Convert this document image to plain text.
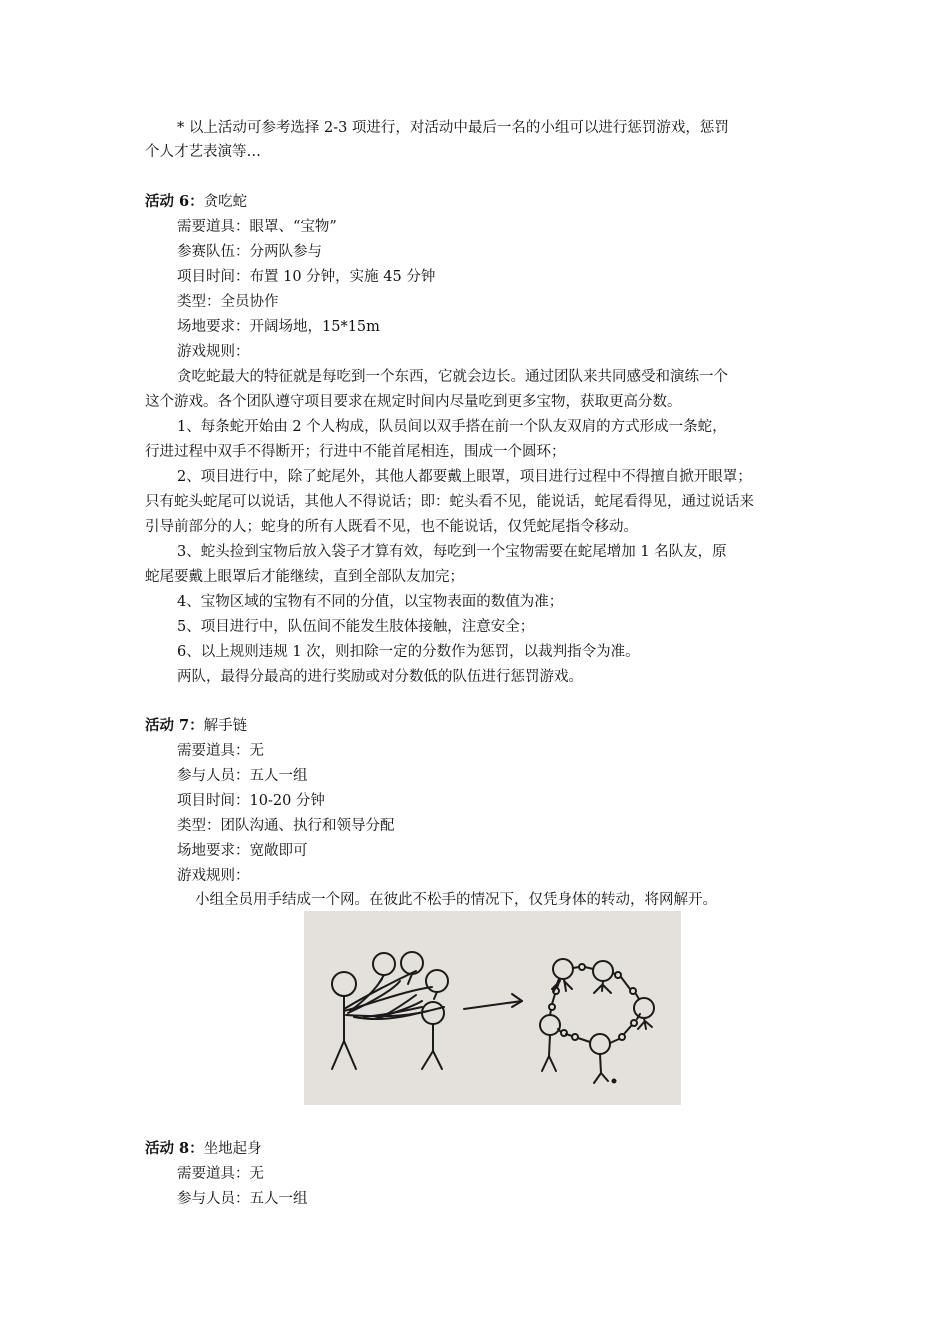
* 以上活动可参考选择 2-3 项进行，对活动中最后一名的小组可以进行惩罚游戏，惩罚
个人才艺表演等…
活动 6：贪吃蛇
需要道具：眼罩、“宝物”
参赛队伍：分两队参与
项目时间：布置 10 分钟，实施 45 分钟
类型：全员协作
场地要求：开阔场地，15*15m
游戏规则：
贪吃蛇最大的特征就是每吃到一个东西，它就会边长。通过团队来共同感受和演练一个
这个游戏。各个团队遵守项目要求在规定时间内尽量吃到更多宝物，获取更高分数。
1、每条蛇开始由 2 个人构成，队员间以双手搭在前一个队友双肩的方式形成一条蛇，
行进过程中双手不得断开；行进中不能首尾相连，围成一个圆环；
2、项目进行中，除了蛇尾外，其他人都要戴上眼罩，项目进行过程中不得擅自掀开眼罩；
只有蛇头蛇尾可以说话，其他人不得说话；即：蛇头看不见，能说话，蛇尾看得见，通过说话来
引导前部分的人；蛇身的所有人既看不见，也不能说话，仅凭蛇尾指令移动。
3、蛇头捡到宝物后放入袋子才算有效，每吃到一个宝物需要在蛇尾增加 1 名队友，原
蛇尾要戴上眼罩后才能继续，直到全部队友加完；
4、宝物区域的宝物有不同的分值，以宝物表面的数值为准；
5、项目进行中，队伍间不能发生肢体接触，注意安全；
6、以上规则违规 1 次，则扣除一定的分数作为惩罚，以裁判指令为准。
两队，最得分最高的进行奖励或对分数低的队伍进行惩罚游戏。
活动 7：解手链
需要道具：无
参与人员：五人一组
项目时间：10-20 分钟
类型：团队沟通、执行和领导分配
场地要求：宽敞即可
游戏规则：
小组全员用手结成一个网。在彼此不松手的情况下，仅凭身体的转动，将网解开。
活动 8：坐地起身
需要道具：无
参与人员：五人一组
